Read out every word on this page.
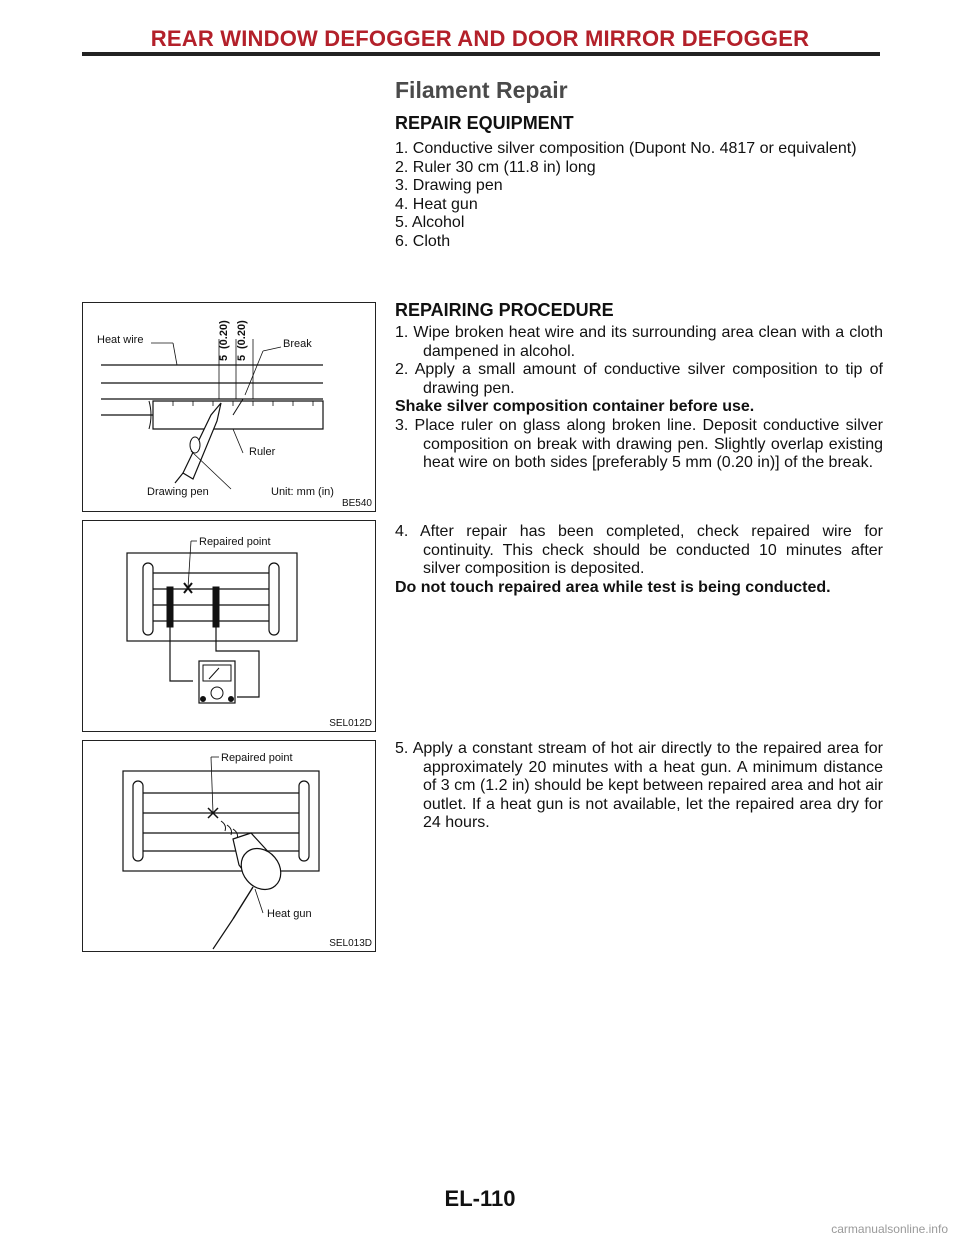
REAR WINDOW DEFOGGER AND DOOR MIRROR DEFOGGER
Filament Repair
REPAIR EQUIPMENT
1. Conductive silver composition (Dupont No. 4817 or equivalent)
2. Ruler 30 cm (11.8 in) long
3. Drawing pen
4. Heat gun
5. Alcohol
6. Cloth
REPAIRING PROCEDURE
1. Wipe broken heat wire and its surrounding area clean with a cloth dampened in alcohol.
2. Apply a small amount of conductive silver composition to tip of drawing pen.
Shake silver composition container before use.
3. Place ruler on glass along broken line. Deposit conductive silver composition on break with drawing pen. Slightly overlap existing heat wire on both sides [preferably 5 mm (0.20 in)] of the break.
4. After repair has been completed, check repaired wire for continuity. This check should be conducted 10 minutes after silver composition is deposited.
Do not touch repaired area while test is being conducted.
5. Apply a constant stream of hot air directly to the repaired area for approximately 20 minutes with a heat gun. A minimum distance of 3 cm (1.2 in) should be kept between repaired area and hot air outlet. If a heat gun is not available, let the repaired area dry for 24 hours.
Heat wire	Break
Ruler
Drawing pen	Unit: mm (in)
5
(0.20)
5
(0.20)
BE540
Repaired point
SEL012D
Repaired point
Heat gun
SEL013D
EL-110
carmanualsonline.info
